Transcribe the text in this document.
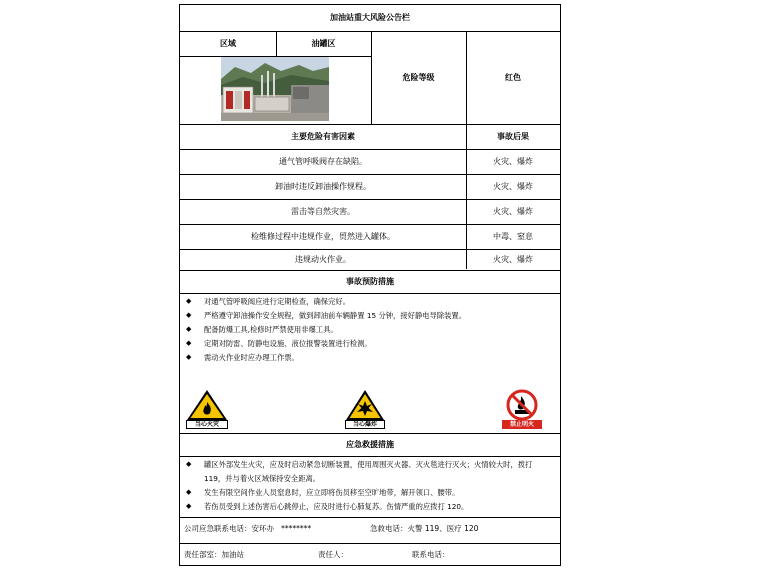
加油站重大风险公告栏
区域	油罐区
危险等级	红色
主要危险有害因素	事故后果
通气管呼吸阀存在缺陷。	火灾、爆炸
卸油时违反卸油操作规程。	火灾、爆炸
雷击等自然灾害。	火灾、爆炸
检维修过程中违规作业，贸然进入罐体。	中毒、窒息
违规动火作业。	火灾、爆炸
事故预防措施
◆	对通气管呼吸阀应进行定期检查，确保完好。
◆	严格遵守卸油操作安全规程，做到卸油前车辆静置 15 分钟，接好静电导除装置。
◆	配备防爆工具,检修时严禁使用非爆工具。
◆	定期对防雷、防静电设施、液位报警装置进行检测。
◆	需动火作业时应办理工作票。
当心火灾	当心爆炸	禁止明火
应急救援措施
◆	罐区外部发生火灾，应及时启动紧急切断装置，使用周围灭火器、灭火毯进行灭火；火情较大时，拨打 119，并与着火区域保持安全距离。
◆	发生有限空间作业人员窒息时，应立即将伤员移至空旷地带，解开领口、腰带。
◆	若伤员受到上述伤害后心跳停止，应及时进行心肺复苏。伤情严重的应拨打 120。
公司应急联系电话：安环办 ********	急救电话：火警 119、医疗 120
责任部室：加油站	责任人：	联系电话：
